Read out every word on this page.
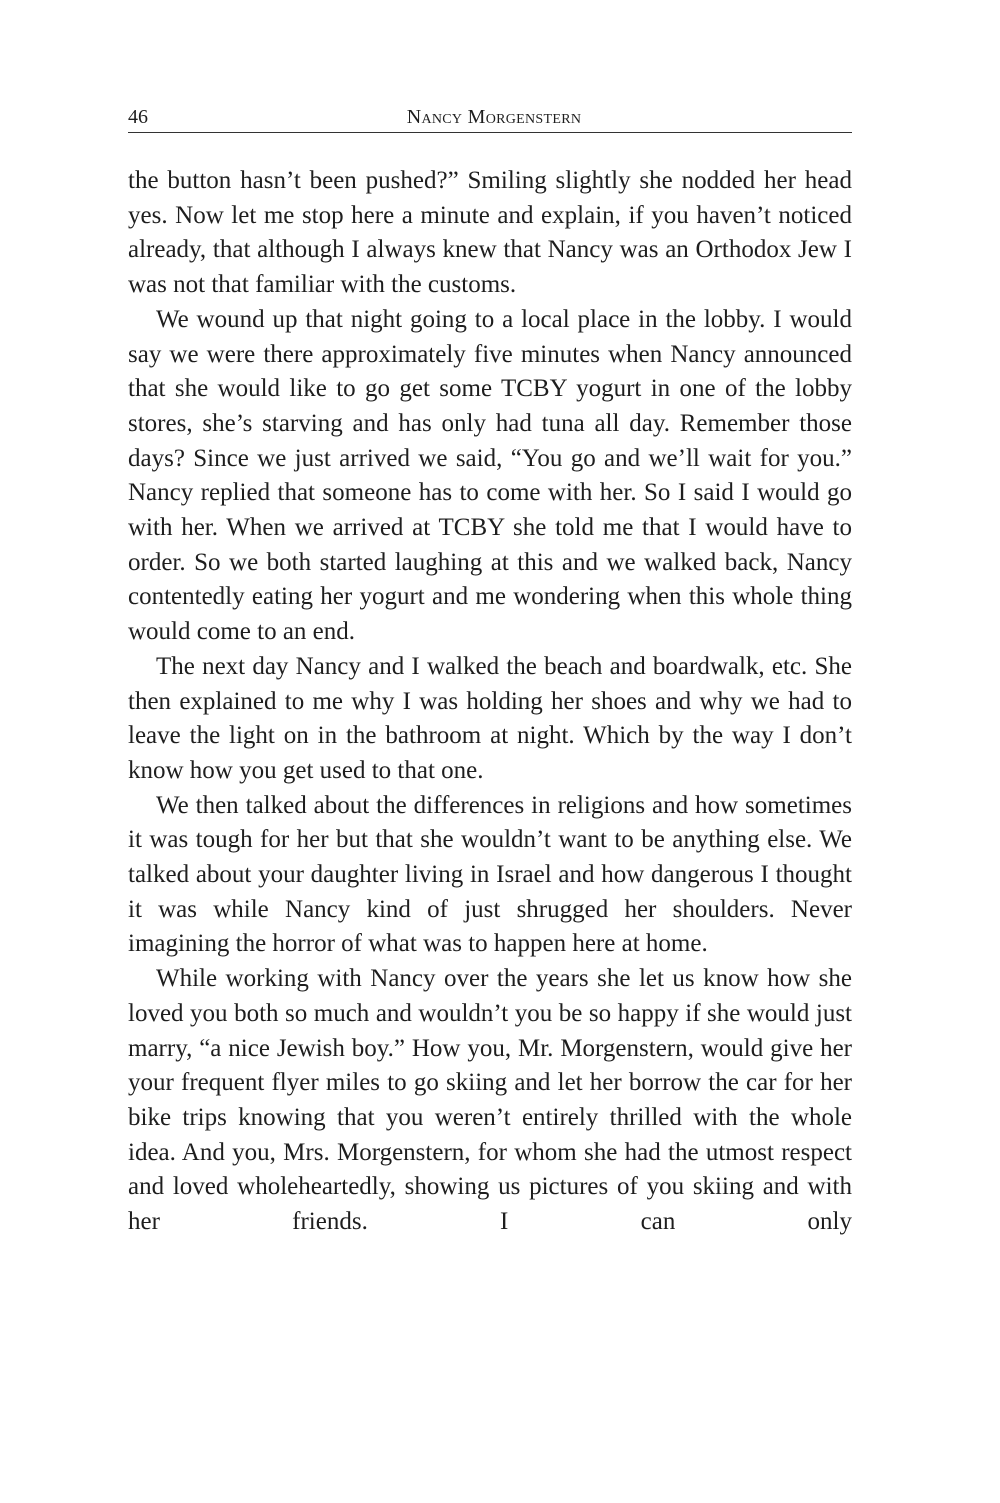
46	Nancy Morgenstern

the button hasn’t been pushed?” Smiling slightly she nodded her head yes. Now let me stop here a minute and explain, if you haven’t noticed already, that although I always knew that Nancy was an Orthodox Jew I was not that familiar with the customs.

We wound up that night going to a local place in the lobby. I would say we were there approximately five minutes when Nancy announced that she would like to go get some TCBY yogurt in one of the lobby stores, she’s starving and has only had tuna all day. Remember those days? Since we just arrived we said, “You go and we’ll wait for you.” Nancy replied that someone has to come with her. So I said I would go with her. When we arrived at TCBY she told me that I would have to order. So we both started laughing at this and we walked back, Nancy contentedly eating her yogurt and me wondering when this whole thing would come to an end.

The next day Nancy and I walked the beach and boardwalk, etc. She then explained to me why I was holding her shoes and why we had to leave the light on in the bathroom at night. Which by the way I don’t know how you get used to that one.

We then talked about the differences in religions and how sometimes it was tough for her but that she wouldn’t want to be anything else. We talked about your daughter living in Israel and how dangerous I thought it was while Nancy kind of just shrugged her shoulders. Never imagining the horror of what was to happen here at home.

While working with Nancy over the years she let us know how she loved you both so much and wouldn’t you be so happy if she would just marry, “a nice Jewish boy.” How you, Mr. Morgenstern, would give her your frequent flyer miles to go skiing and let her borrow the car for her bike trips knowing that you weren’t entirely thrilled with the whole idea. And you, Mrs. Morgenstern, for whom she had the utmost respect and loved wholeheartedly, showing us pictures of you skiing and with her friends. I can only
